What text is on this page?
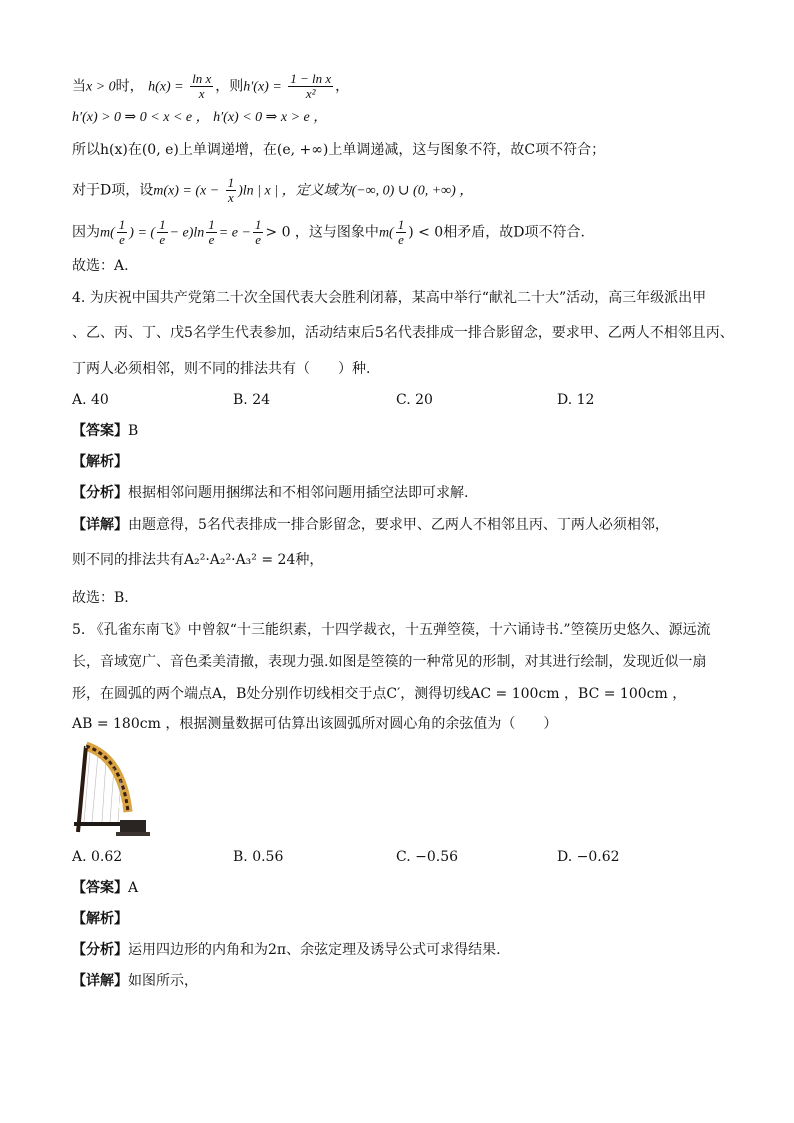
当x > 0时， $h(x) = \frac{\text{ln x}}{x}$ ，则$h'(x) = \frac{\text{1 − ln x}}{\text{x²}}$ ，
h′(x) > 0 ⇒ 0 < x < e ， h′(x) < 0 ⇒ x > e ，
所以h(x)在(0, e)上单调递增，在(e, +∞)上单调递减，这与图象不符，故C项不符合；
对于D项，设$m(x) = (x - \frac{1}{x} )\ln$ | x | ，定义域为(−∞, 0) ∪ (0, +∞) ，
因为$m( \frac{1}{e}$ ) = ( $\frac{1}{e} - e)\ln \frac{1}{e} = e - \frac{1}{e} > 0$ ，这与图象中$m( \frac{1}{e}$ ) < 0相矛盾，故D项不符合.
故选：A.
4. 为庆祝中国共产党第二十次全国代表大会胜利闭幕，某高中举行“献礼二十大”活动，高三年级派出甲
、乙、丙、丁、戊5名学生代表参加，活动结束后5名代表排成一排合影留念，要求甲、乙两人不相邻且丙、
丁两人必须相邻，则不同的排法共有（　　）种.
A. 40	B. 24	C. 20	D. 12
【答案】B
【解析】
【分析】根据相邻问题用捆绑法和不相邻问题用插空法即可求解.
【详解】由题意得，5名代表排成一排合影留念，要求甲、乙两人不相邻且丙、丁两人必须相邻，
则不同的排法共有A₂²·A₂²·A₃² = 24种，
故选：B.
5. 《孔雀东南飞》中曾叙“十三能织素，十四学裁衣，十五弹箜篌，十六诵诗书.”箜篌历史悠久、源远流
长，音域宽广、音色柔美清撤，表现力强.如图是箜篌的一种常见的形制，对其进行绘制，发现近似一扇
形，在圆弧的两个端点A，B处分别作切线相交于点C′，测得切线AC = 100cm ，BC = 100cm ，
AB = 180cm ，根据测量数据可估算出该圆弧所对圆心角的余弦值为（　　）
A
B
A. 0.62	B. 0.56	C. −0.56	D. −0.62
【答案】A
【解析】
【分析】运用四边形的内角和为2π、余弦定理及诱导公式可求得结果.
【详解】如图所示，
